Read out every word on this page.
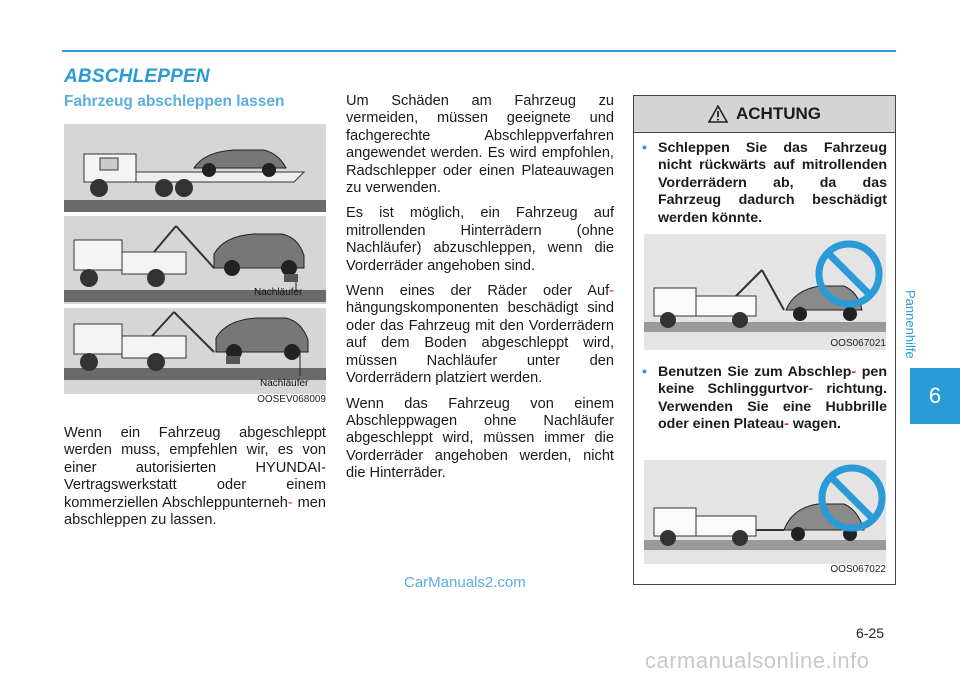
ABSCHLEPPEN
Fahrzeug abschleppen lassen
Nachläufer
Nachläufer
OOSEV068009
Wenn ein Fahrzeug abgeschleppt werden muss, empfehlen wir, es von einer autorisierten HYUNDAI-Vertragswerkstatt oder einem kommerziellen Abschleppunterneh- men abschleppen zu lassen.

Um Schäden am Fahrzeug zu vermeiden, müssen geeignete und fachgerechte Abschleppverfahren angewendet werden. Es wird empfohlen, Radschlepper oder einen Plateauwagen zu verwenden.

Es ist möglich, ein Fahrzeug auf mitrollenden Hinterrädern (ohne Nachläufer) abzuschleppen, wenn die Vorderräder angehoben sind.

Wenn eines der Räder oder Auf-hängungskomponenten beschädigt sind oder das Fahrzeug mit den Vorderrädern auf dem Boden abgeschleppt wird, müssen Nachläufer unter den Vorderrädern platziert werden.

Wenn das Fahrzeug von einem Abschleppwagen ohne Nachläufer abgeschleppt wird, müssen immer die Vorderräder angehoben werden, nicht die Hinterräder.

ACHTUNG
• Schleppen Sie das Fahrzeug nicht rückwärts auf mitrollenden Vorderrädern ab, da das Fahrzeug dadurch beschädigt werden könnte.
OOS067021
• Benutzen Sie zum Abschlep- pen keine Schlinggurtvor- richtung. Verwenden Sie eine Hubbrille oder einen Plateau- wagen.
OOS067022
Pannenhilfe
6
CarManuals2.com
6-25
carmanualsonline.info
